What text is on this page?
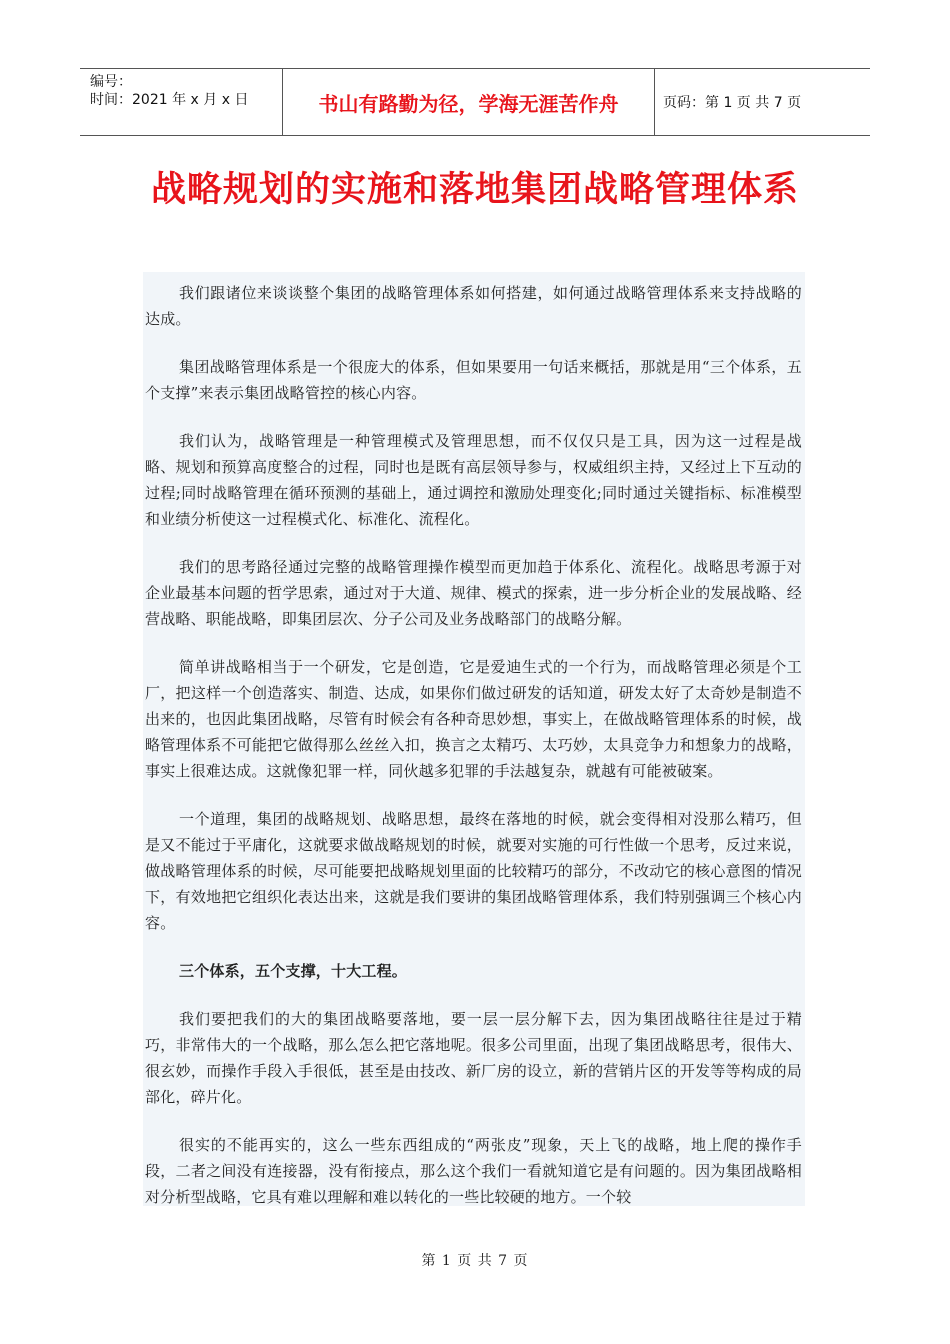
编号：
时间：2021 年 x 月 x 日	书山有路勤为径，学海无涯苦作舟	页码：第 1 页 共 7 页
战略规划的实施和落地集团战略管理体系

我们跟诸位来谈谈整个集团的战略管理体系如何搭建，如何通过战略管理体系来支持战略的达成。

集团战略管理体系是一个很庞大的体系，但如果要用一句话来概括，那就是用“三个体系，五个支撑”来表示集团战略管控的核心内容。

我们认为，战略管理是一种管理模式及管理思想，而不仅仅只是工具，因为这一过程是战略、规划和预算高度整合的过程，同时也是既有高层领导参与，权威组织主持，又经过上下互动的过程;同时战略管理在循环预测的基础上，通过调控和激励处理变化;同时通过关键指标、标准模型和业绩分析使这一过程模式化、标准化、流程化。

我们的思考路径通过完整的战略管理操作模型而更加趋于体系化、流程化。战略思考源于对企业最基本问题的哲学思索，通过对于大道、规律、模式的探索，进一步分析企业的发展战略、经营战略、职能战略，即集团层次、分子公司及业务战略部门的战略分解。

简单讲战略相当于一个研发，它是创造，它是爱迪生式的一个行为，而战略管理必须是个工厂，把这样一个创造落实、制造、达成，如果你们做过研发的话知道，研发太好了太奇妙是制造不出来的，也因此集团战略，尽管有时候会有各种奇思妙想，事实上，在做战略管理体系的时候，战略管理体系不可能把它做得那么丝丝入扣，换言之太精巧、太巧妙，太具竞争力和想象力的战略，事实上很难达成。这就像犯罪一样，同伙越多犯罪的手法越复杂，就越有可能被破案。

一个道理，集团的战略规划、战略思想，最终在落地的时候，就会变得相对没那么精巧，但是又不能过于平庸化，这就要求做战略规划的时候，就要对实施的可行性做一个思考，反过来说，做战略管理体系的时候，尽可能要把战略规划里面的比较精巧的部分，不改动它的核心意图的情况下，有效地把它组织化表达出来，这就是我们要讲的集团战略管理体系，我们特别强调三个核心内容。

三个体系，五个支撑，十大工程。

我们要把我们的大的集团战略要落地，要一层一层分解下去，因为集团战略往往是过于精巧，非常伟大的一个战略，那么怎么把它落地呢。很多公司里面，出现了集团战略思考，很伟大、很玄妙，而操作手段入手很低，甚至是由技改、新厂房的设立，新的营销片区的开发等等构成的局部化，碎片化。

很实的不能再实的，这么一些东西组成的“两张皮”现象，天上飞的战略，地上爬的操作手段，二者之间没有连接器，没有衔接点，那么这个我们一看就知道它是有问题的。因为集团战略相对分析型战略，它具有难以理解和难以转化的一些比较硬的地方。一个较

第 1 页 共 7 页
